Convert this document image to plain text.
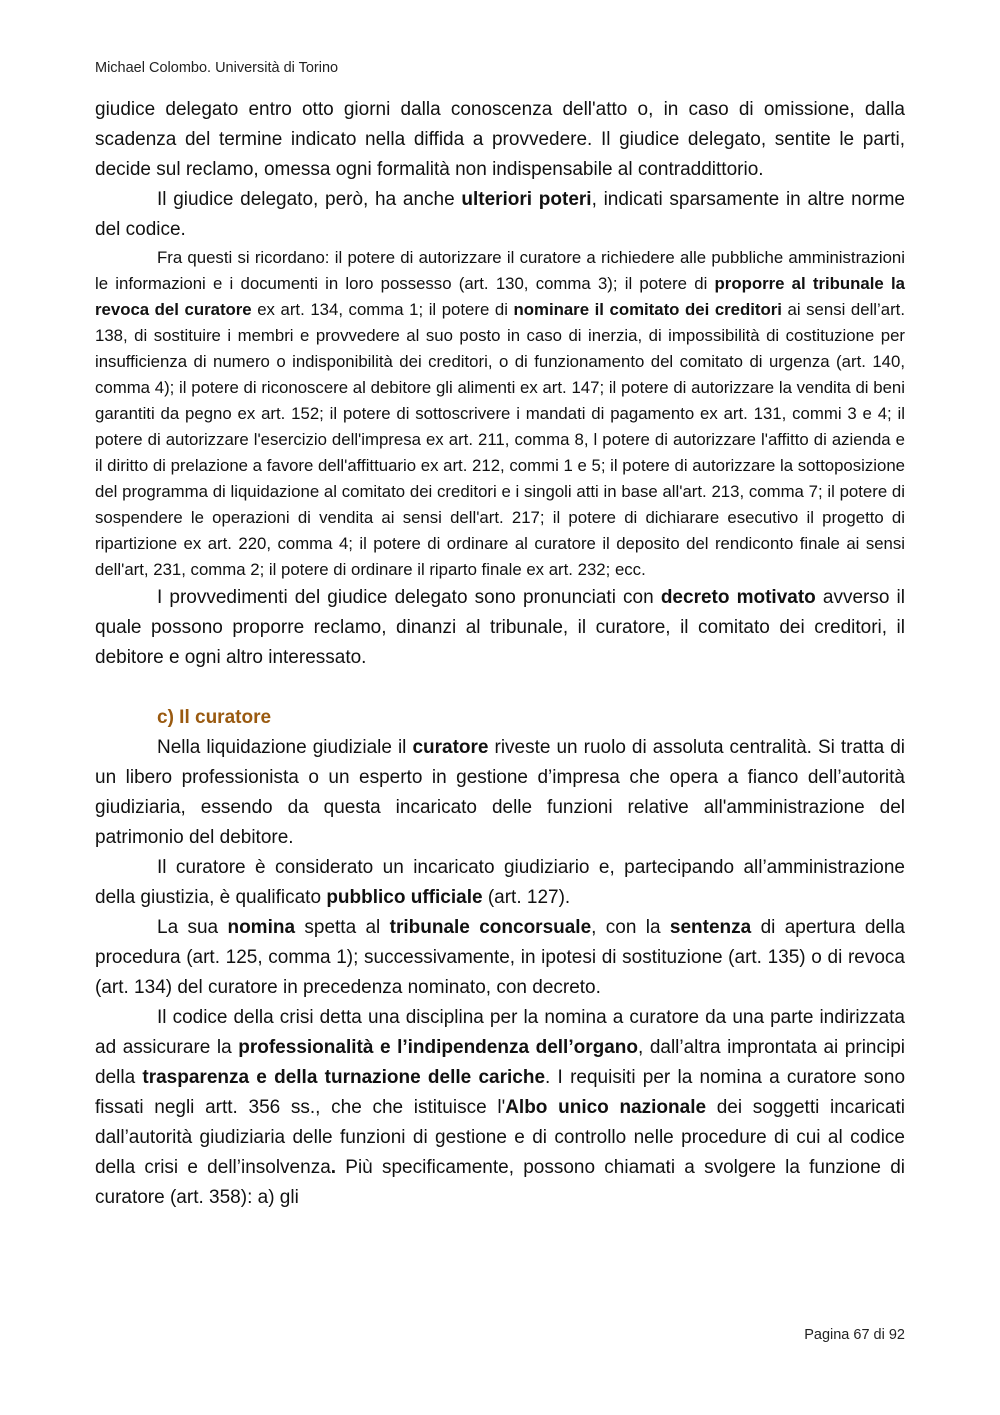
Michael Colombo. Università di Torino

giudice delegato entro otto giorni dalla conoscenza dell'atto o, in caso di omissione, dalla scadenza del termine indicato nella diffida a provvedere. Il giudice delegato, sentite le parti, decide sul reclamo, omessa ogni formalità non indispensabile al contraddittorio.

Il giudice delegato, però, ha anche ulteriori poteri, indicati sparsamente in altre norme del codice.

Fra questi si ricordano: il potere di autorizzare il curatore a richiedere alle pubbliche amministrazioni le informazioni e i documenti in loro possesso (art. 130, comma 3); il potere di proporre al tribunale la revoca del curatore ex art. 134, comma 1; il potere di nominare il comitato dei creditori ai sensi dell’art. 138, di sostituire i membri e provvedere al suo posto in caso di inerzia, di impossibilità di costituzione per insufficienza di numero o indisponibilità dei creditori, o di funzionamento del comitato di urgenza (art. 140, comma 4); il potere di riconoscere al debitore gli alimenti ex art. 147; il potere di autorizzare la vendita di beni garantiti da pegno ex art. 152; il potere di sottoscrivere i mandati di pagamento ex art. 131, commi 3 e 4; il potere di autorizzare l'esercizio dell'impresa ex art. 211, comma 8, l potere di autorizzare l'affitto di azienda e il diritto di prelazione a favore dell'affittuario ex art. 212, commi 1 e 5; il potere di autorizzare la sottoposizione del programma di liquidazione al comitato dei creditori e i singoli atti in base all'art. 213, comma 7; il potere di sospendere le operazioni di vendita ai sensi dell'art. 217; il potere di dichiarare esecutivo il progetto di ripartizione ex art. 220, comma 4; il potere di ordinare al curatore il deposito del rendiconto finale ai sensi dell'art, 231, comma 2; il potere di ordinare il riparto finale ex art. 232; ecc.

I provvedimenti del giudice delegato sono pronunciati con decreto motivato avverso il quale possono proporre reclamo, dinanzi al tribunale, il curatore, il comitato dei creditori, il debitore e ogni altro interessato.

c) Il curatore

Nella liquidazione giudiziale il curatore riveste un ruolo di assoluta centralità. Si tratta di un libero professionista o un esperto in gestione d’impresa che opera a fianco dell’autorità giudiziaria, essendo da questa incaricato delle funzioni relative all'amministrazione del patrimonio del debitore.

Il curatore è considerato un incaricato giudiziario e, partecipando all’amministrazione della giustizia, è qualificato pubblico ufficiale (art. 127).

La sua nomina spetta al tribunale concorsuale, con la sentenza di apertura della procedura (art. 125, comma 1); successivamente, in ipotesi di sostituzione (art. 135) o di revoca (art. 134) del curatore in precedenza nominato, con decreto.

Il codice della crisi detta una disciplina per la nomina a curatore da una parte indirizzata ad assicurare la professionalità e l’indipendenza dell’organo, dall’altra improntata ai principi della trasparenza e della turnazione delle cariche. I requisiti per la nomina a curatore sono fissati negli artt. 356 ss., che che istituisce l'Albo unico nazionale dei soggetti incaricati dall’autorità giudiziaria delle funzioni di gestione e di controllo nelle procedure di cui al codice della crisi e dell’insolvenza. Più specificamente, possono chiamati a svolgere la funzione di curatore (art. 358): a) gli

Pagina 67 di 92
